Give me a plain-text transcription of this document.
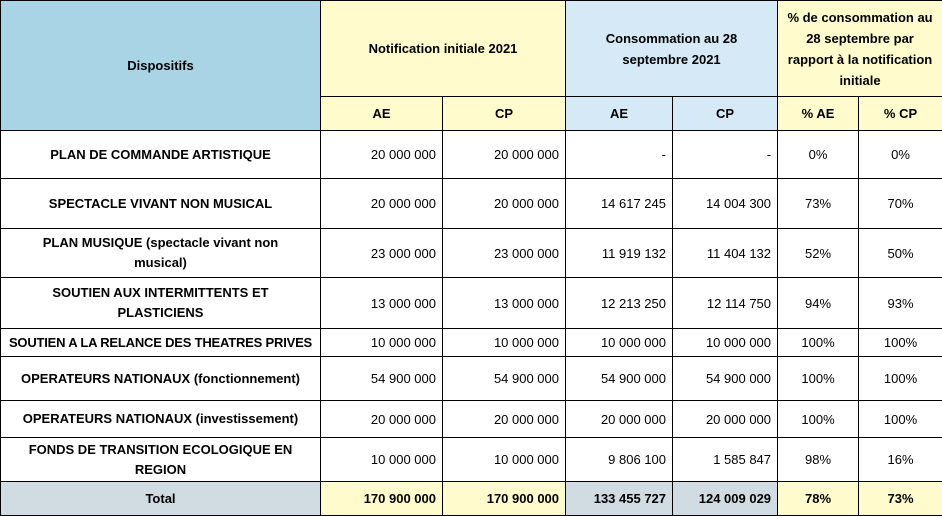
Dispositifs	Notification initiale 2021		Consommation au 28 septembre 2021		% de consommation au 28 septembre par rapport à la notification initiale	
	AE	CP	AE	CP	% AE	% CP
PLAN DE COMMANDE ARTISTIQUE	20 000 000	20 000 000	-	-	0%	0%
SPECTACLE VIVANT NON MUSICAL	20 000 000	20 000 000	14 617 245	14 004 300	73%	70%
PLAN MUSIQUE (spectacle vivant non musical)	23 000 000	23 000 000	11 919 132	11 404 132	52%	50%
SOUTIEN AUX INTERMITTENTS ET PLASTICIENS	13 000 000	13 000 000	12 213 250	12 114 750	94%	93%
SOUTIEN A LA RELANCE DES THEATRES PRIVES	10 000 000	10 000 000	10 000 000	10 000 000	100%	100%
OPERATEURS NATIONAUX (fonctionnement)	54 900 000	54 900 000	54 900 000	54 900 000	100%	100%
OPERATEURS NATIONAUX (investissement)	20 000 000	20 000 000	20 000 000	20 000 000	100%	100%
FONDS DE TRANSITION ECOLOGIQUE EN REGION	10 000 000	10 000 000	9 806 100	1 585 847	98%	16%
Total	170 900 000	170 900 000	133 455 727	124 009 029	78%	73%
